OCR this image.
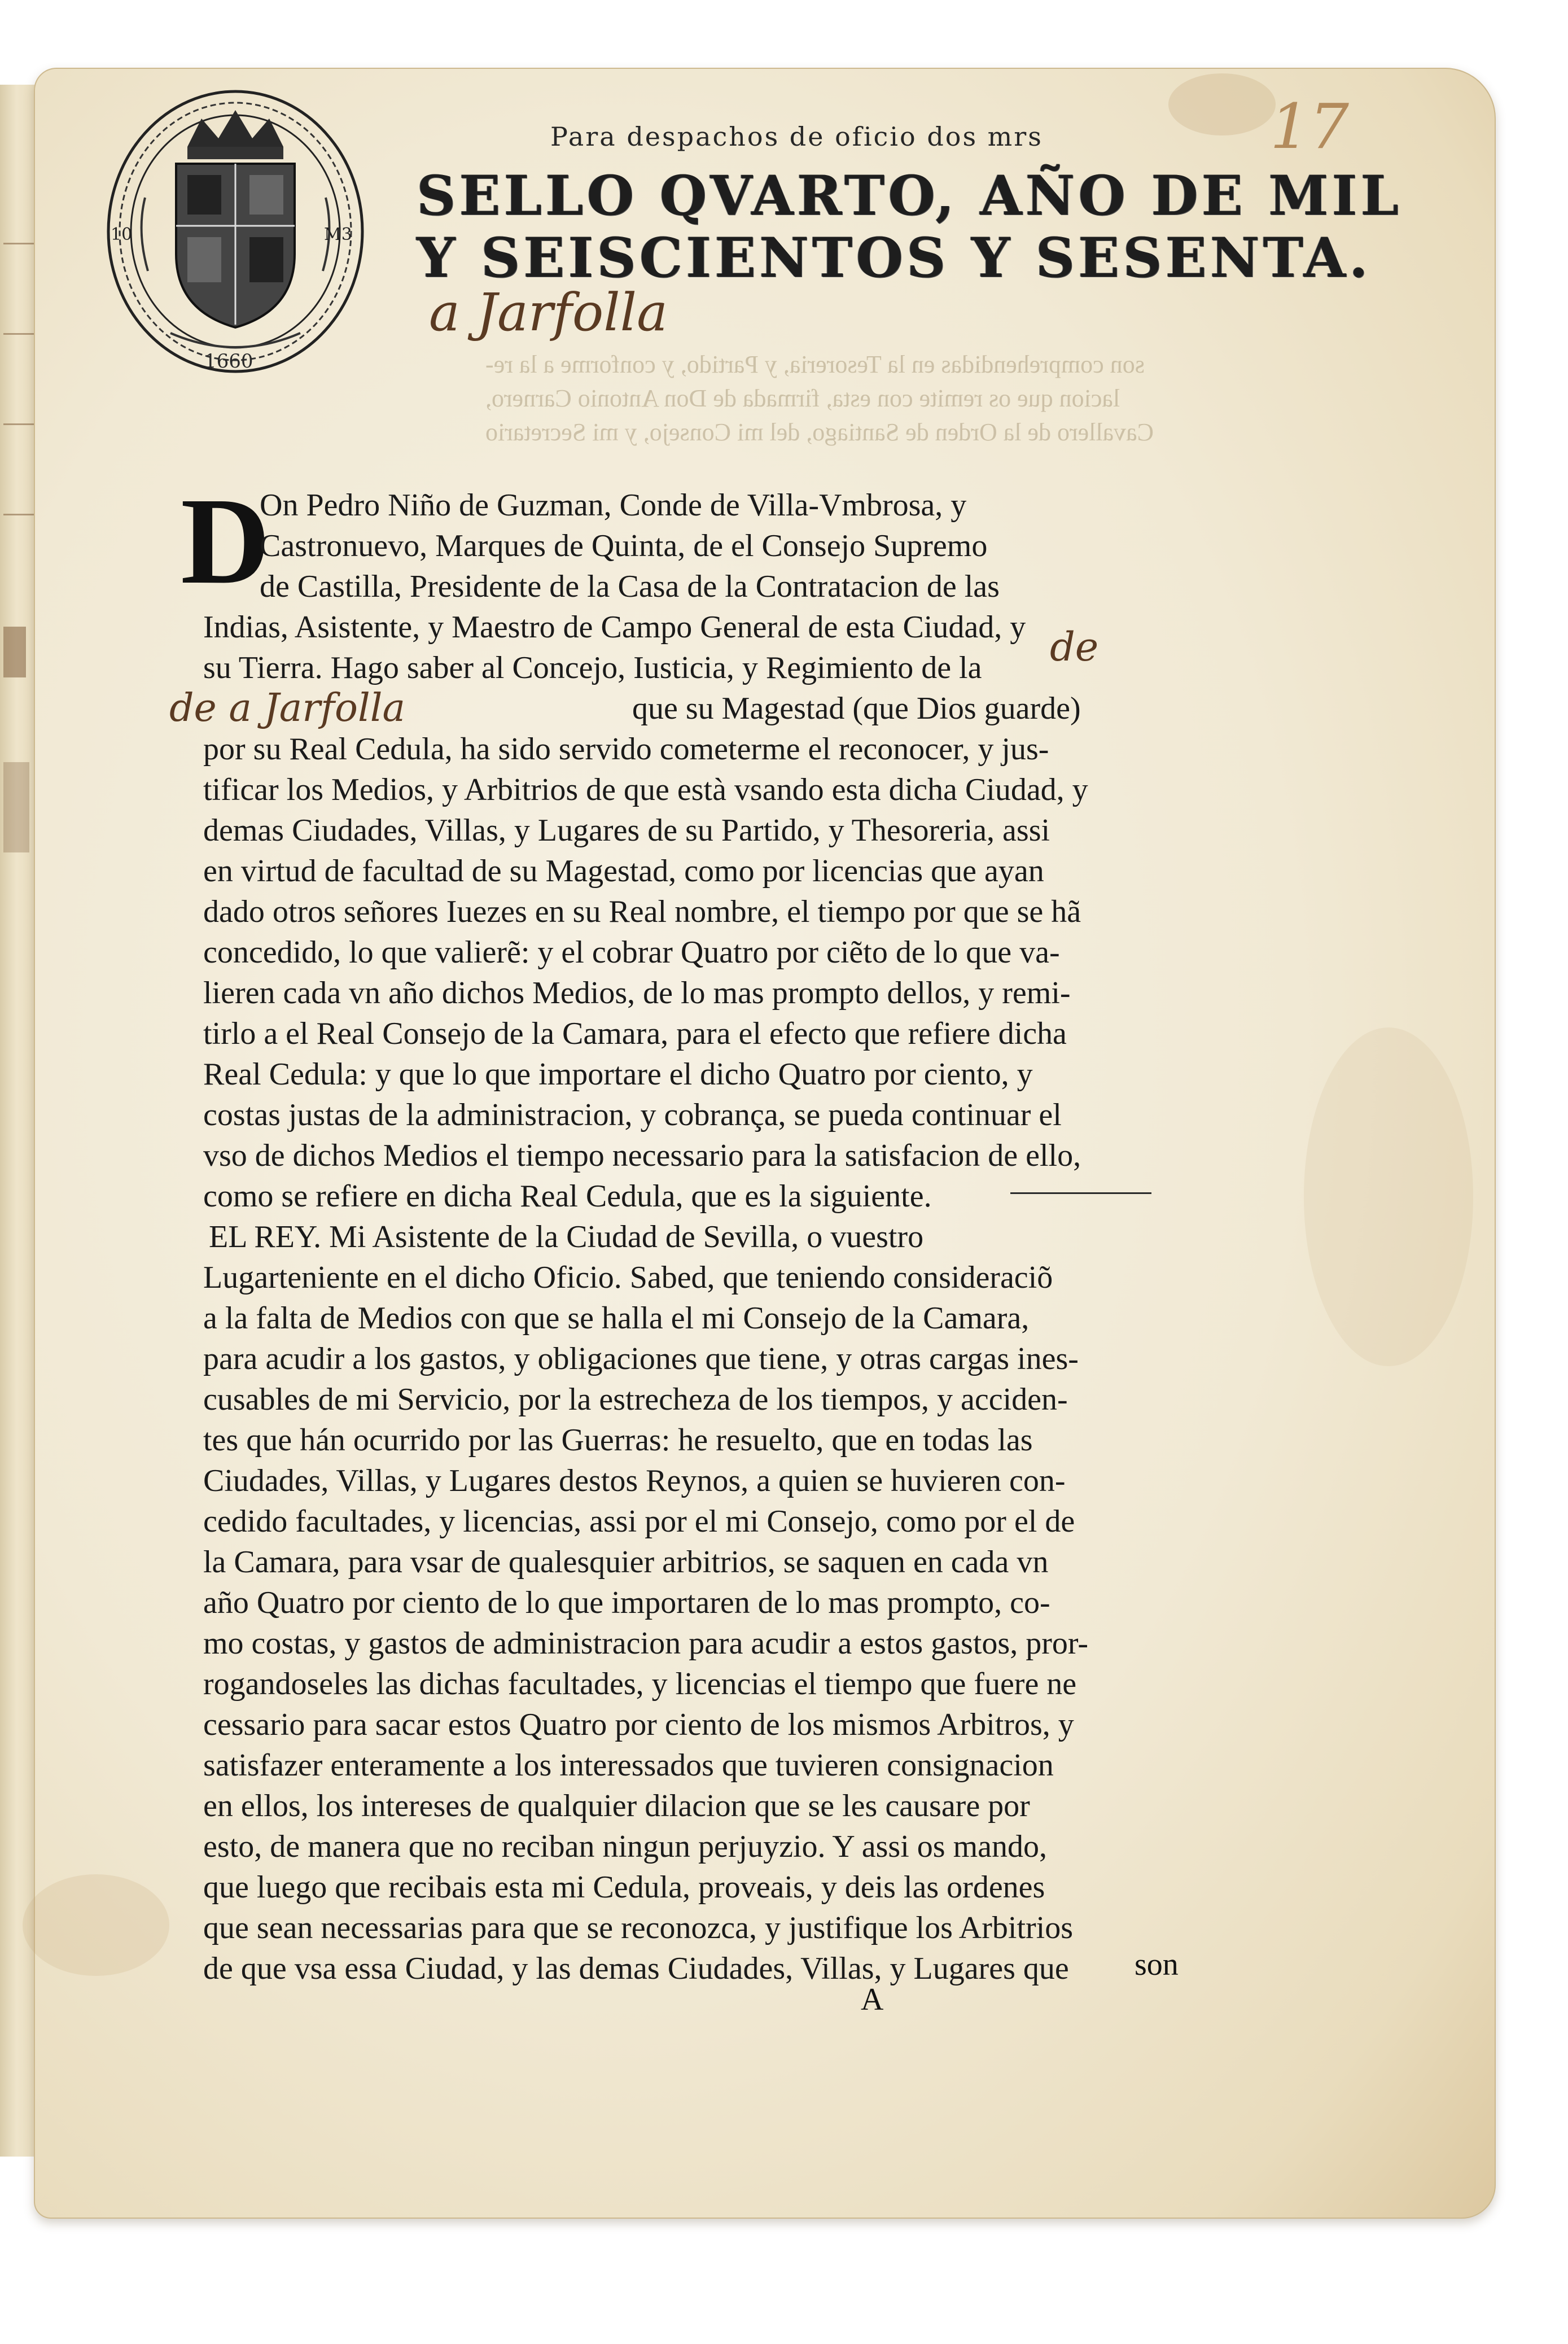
10	M3
1660
17
Para despachos de oficio dos mrs
SELLO QVARTO, AÑO DE MIL
Y SEISCIENTOS Y SESENTA.
a Jarfolla
son comprehendidas en la Tesoreria, y Partido, y conforme a la re-
lacion que os remite con esta, firmada de Don Antonio Carnero,
Cavallero de la Orden de Santiago, del mi Consejo, y mi Secretario
D
On Pedro Niño de Guzman, Conde de Villa-Vmbrosa, y
Castronuevo, Marques de Quinta, de el Consejo Supremo
de Castilla, Presidente de la Casa de la Contratacion de las
Indias, Asistente, y Maestro de Campo General de esta Ciudad, y
su Tierra. Hago saber al Concejo, Iusticia, y Regimiento de la
que su Magestad (que Dios guarde)
por su Real Cedula, ha sido servido cometerme el reconocer, y jus-
tificar los Medios, y Arbitrios de que està vsando esta dicha Ciudad, y
demas Ciudades, Villas, y Lugares de su Partido, y Thesoreria, assi
en virtud de facultad de su Magestad, como por licencias que ayan
dado otros señores Iuezes en su Real nombre, el tiempo por que se hã
concedido, lo que valierẽ: y el cobrar Quatro por ciẽto de lo que va-
lieren cada vn año dichos Medios, de lo mas prompto dellos, y remi-
tirlo a el Real Consejo de la Camara, para el efecto que refiere dicha
Real Cedula: y que lo que importare el dicho Quatro por ciento, y
costas justas de la administracion, y cobrança, se pueda continuar el
vso de dichos Medios el tiempo necessario para la satisfacion de ello,
como se refiere en dicha Real Cedula, que es la siguiente.
EL REY. Mi Asistente de la Ciudad de Sevilla, o vuestro
Lugarteniente en el dicho Oficio. Sabed, que teniendo consideraciõ
a la falta de Medios con que se halla el mi Consejo de la Camara,
para acudir a los gastos, y obligaciones que tiene, y otras cargas ines-
cusables de mi Servicio, por la estrecheza de los tiempos, y acciden-
tes que hán ocurrido por las Guerras: he resuelto, que en todas las
Ciudades, Villas, y Lugares destos Reynos, a quien se huvieren con-
cedido facultades, y licencias, assi por el mi Consejo, como por el de
la Camara, para vsar de qualesquier arbitrios, se saquen en cada vn
año Quatro por ciento de lo que importaren de lo mas prompto, co-
mo costas, y gastos de administracion para acudir a estos gastos, pror-
rogandoseles las dichas facultades, y licencias el tiempo que fuere ne
cessario para sacar estos Quatro por ciento de los mismos Arbitros, y
satisfazer enteramente a los interessados que tuvieren consignacion
en ellos, los intereses de qualquier dilacion que se les causare por
esto, de manera que no reciban ningun perjuyzio. Y assi os mando,
que luego que recibais esta mi Cedula, proveais, y deis las ordenes
que sean necessarias para que se reconozca, y justifique los Arbitrios
de que vsa essa Ciudad, y las demas Ciudades, Villas, y Lugares que
de
de a Jarfolla
son
A
